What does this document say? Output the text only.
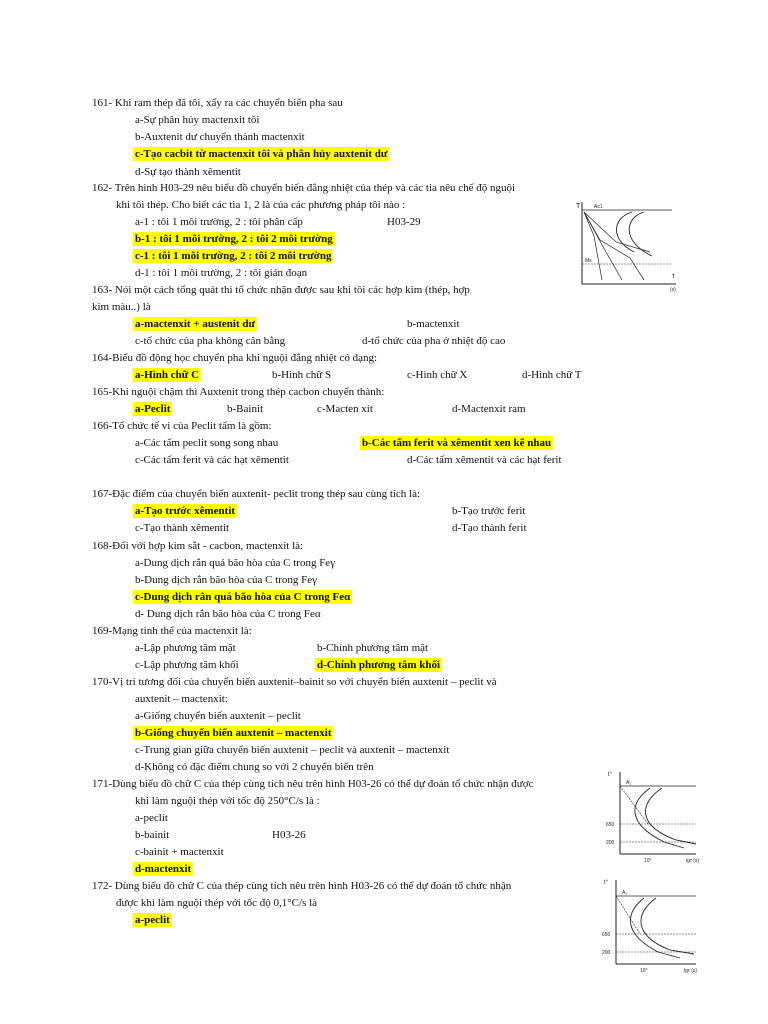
161- Khi ram thép đã tôi, xẩy ra các chuyển biến pha sau
a-Sự phân hủy mactenxit tôi
b-Auxtenit dư chuyển thành mactenxit
c-Tạo cacbit từ mactenxit tôi và phân hủy auxtenit dư
d-Sự tạo thành xêmentit
162- Trên hình H03-29 nêu biểu đồ chuyển biến đẳng nhiệt của thép và các tia nêu chế độ nguội
khi tôi thép. Cho biết các tia 1, 2 là của các phương pháp tôi nào :
a-1 : tôi 1 môi trường, 2 : tôi phân cấp	H03-29
b-1 : tôi 1 môi trường, 2 : tôi 2 môi trường
c-1 : tôi 1 môi trường, 2 : tôi 2 môi trường
d-1 : tôi 1 môi trường, 2 : tôi gián đoạn
T
τ
(s)
Ac1
Ms
163- Nói một cách tổng quát thì tổ chức nhận được sau khi tôi các hợp kim (thép, hợp
kim màu..) là
a-mactenxit + austenit dư	b-mactenxit
c-tổ chức của pha không cân bằng	d-tổ chức của pha ở nhiệt độ cao
164-Biểu đồ động học chuyển pha khi nguội đẳng nhiệt có dạng:
a-Hình chữ C	b-Hình chữ S	c-Hình chữ X	d-Hình chữ T
165-Khi nguội chậm thì Auxtenit trong thép cacbon chuyển thành:
a-Peclit	b-Bainit	c-Macten xit	d-Mactenxit ram
166-Tổ chức tế vi của Peclit tấm là gồm:
a-Các tấm peclit song song nhau	b-Các tấm ferit và xêmentit xen kẽ nhau
c-Các tấm ferit và các hạt xêmentit	d-Các tấm xêmentit và các hạt ferit
167-Đặc điểm của chuyển biến auxtenit- peclit trong thép sau cùng tích là:
a-Tạo trước xêmentit	b-Tạo trước ferit
c-Tạo thành xêmentit	d-Tạo thành ferit
168-Đối với hợp kim sắt - cacbon, mactenxit là:
a-Dung dịch rắn quá bão hòa của C trong Feγ
b-Dung dịch rắn bão hòa của C trong Feγ
c-Dung dịch rắn quá bão hòa của C trong Feα
d- Dung dịch rắn bão hòa của C trong Feα
169-Mạng tinh thể của mactenxit là:
a-Lập phương tâm mặt	b-Chính phương tâm mặt
c-Lập phương tâm khối	d-Chính phương tâm khối
170-Vị trí tương đối của chuyển biến auxtenit–bainit so với chuyển biến auxtenit – peclit và
auxtenit – mactenxit:
a-Giống chuyển biến auxtenit – peclit
b-Giống chuyển biến auxtenit – mactenxit
c-Trung gian giữa chuyển biến auxtenit – peclit và auxtenit – mactenxit
d-Không có đặc điểm chung so với 2 chuyển biến trên
171-Dùng biểu đồ chữ C của thép cùng tích nêu trên hình H03-26 có thể dự đoán tổ chức nhận được
khi làm nguội thép với tốc độ 250°C/s là :
a-peclit
b-bainit	H03-26
c-bainit + mactenxit
d-mactenxit
t°
A₁
650
200
lgτ (s)
10°
172- Dùng biểu đồ chữ C của thép cùng tích nêu trên hình H03-26 có thể dự đoán tổ chức nhận
được khi làm nguội thép với tốc độ 0,1°C/s là
a-peclit
t°
A₁
650
200
lgτ (s)
10°
